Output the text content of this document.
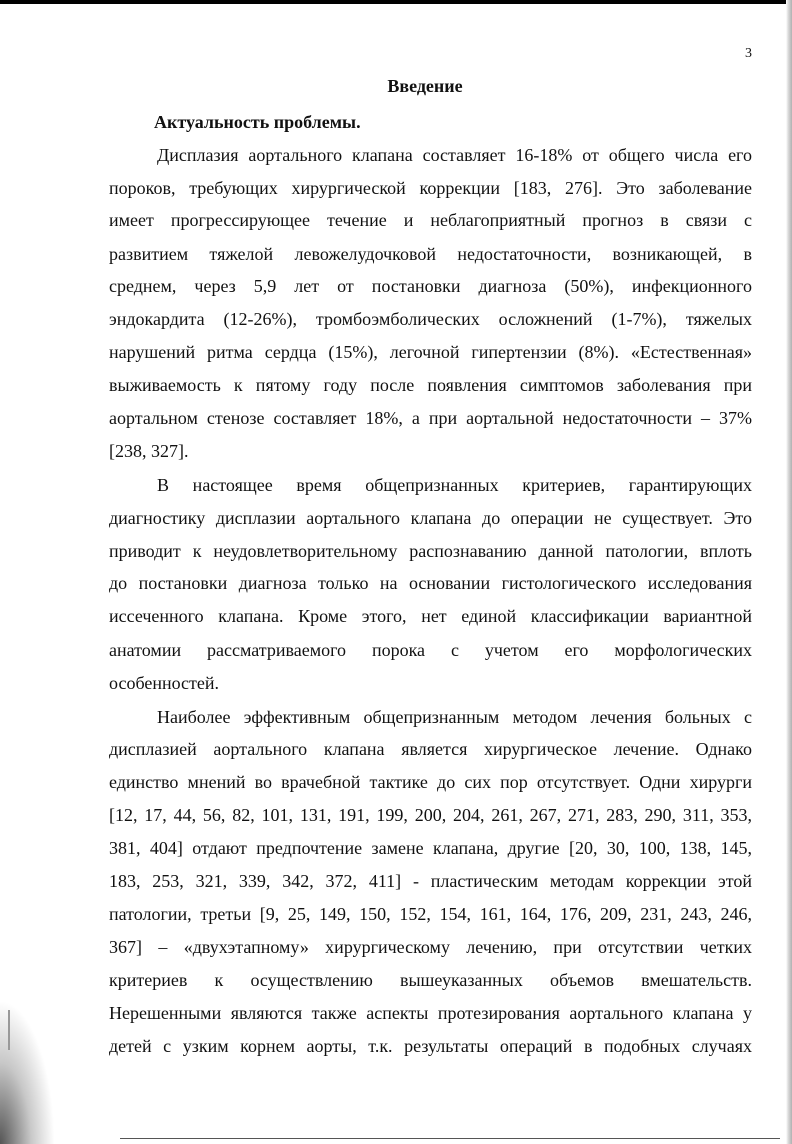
3
Введение
Актуальность проблемы.

Дисплазия аортального клапана составляет 16-18% от общего числа его

пороков, требующих хирургической коррекции [183, 276]. Это заболевание

имеет прогрессирующее течение и неблагоприятный прогноз в связи с

развитием тяжелой левожелудочковой недостаточности, возникающей, в

среднем, через 5,9 лет от постановки диагноза (50%), инфекционного

эндокардита (12-26%), тромбоэмболических осложнений (1-7%), тяжелых

нарушений ритма сердца (15%), легочной гипертензии (8%). «Естественная»

выживаемость к пятому году после появления симптомов заболевания при

аортальном стенозе составляет 18%, а при аортальной недостаточности – 37%

[238, 327].

В настоящее время общепризнанных критериев, гарантирующих

диагностику дисплазии аортального клапана до операции не существует. Это

приводит к неудовлетворительному распознаванию данной патологии, вплоть

до постановки диагноза только на основании гистологического исследования

иссеченного клапана. Кроме этого, нет единой классификации вариантной

анатомии рассматриваемого порока с учетом его морфологических

особенностей.

Наиболее эффективным общепризнанным методом лечения больных с

дисплазией аортального клапана является хирургическое лечение. Однако

единство мнений во врачебной тактике до сих пор отсутствует. Одни хирурги

[12, 17, 44, 56, 82, 101, 131, 191, 199, 200, 204, 261, 267, 271, 283, 290, 311, 353,

381, 404] отдают предпочтение замене клапана, другие [20, 30, 100, 138, 145,

183, 253, 321, 339, 342, 372, 411] - пластическим методам коррекции этой

патологии, третьи [9, 25, 149, 150, 152, 154, 161, 164, 176, 209, 231, 243, 246,

367] – «двухэтапному» хирургическому лечению, при отсутствии четких

критериев к осуществлению вышеуказанных объемов вмешательств.

Нерешенными являются также аспекты протезирования аортального клапана у

детей с узким корнем аорты, т.к. результаты операций в подобных случаях
